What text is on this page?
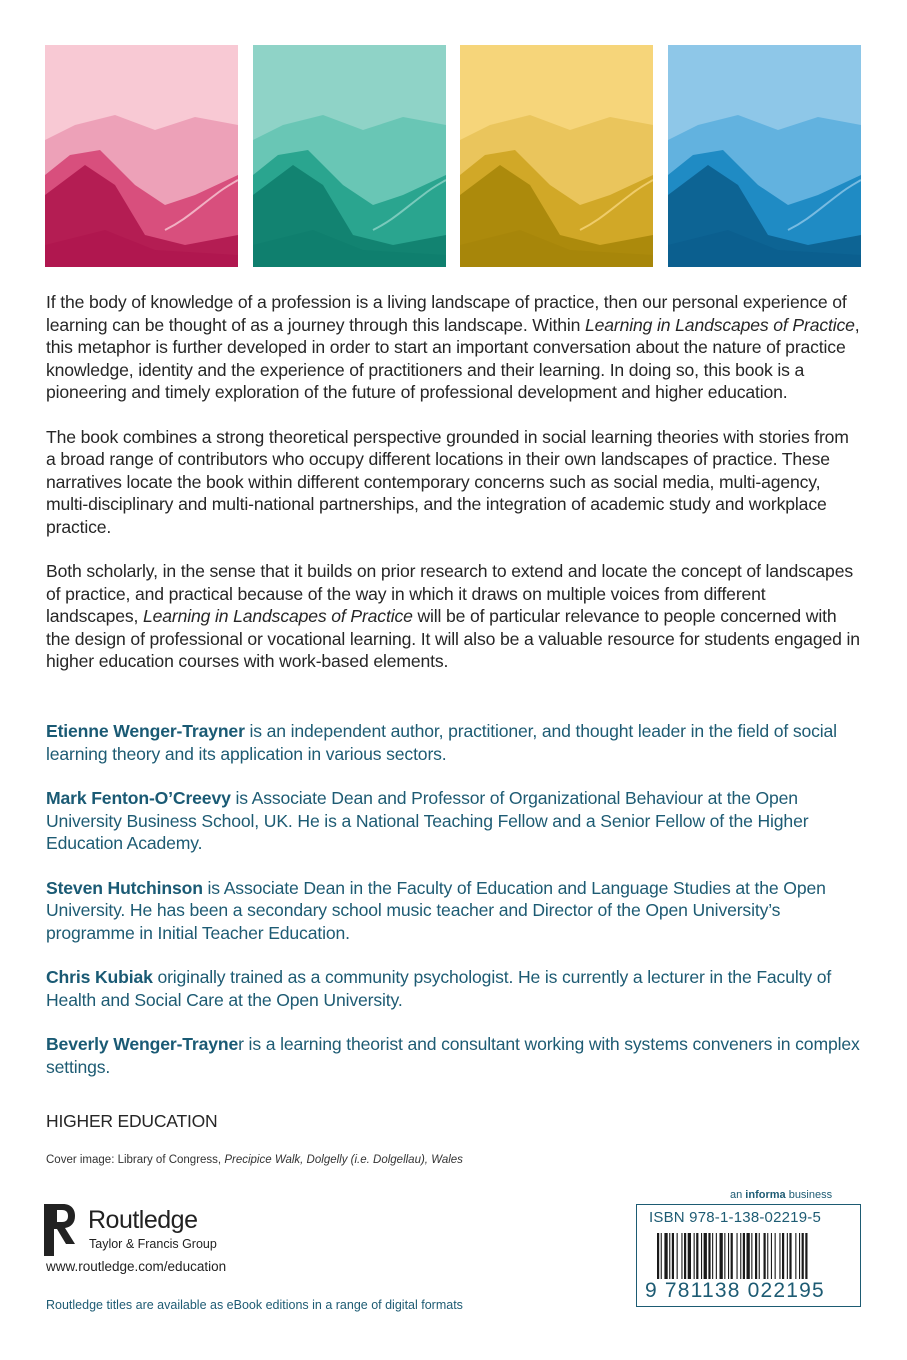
If the body of knowledge of a profession is a living landscape of practice, then our personal experience of learning can be thought of as a journey through this landscape. Within Learning in Landscapes of Practice, this metaphor is further developed in order to start an important conversation about the nature of practice knowledge, identity and the experience of practitioners and their learning. In doing so, this book is a pioneering and timely exploration of the future of professional development and higher education.

The book combines a strong theoretical perspective grounded in social learning theories with stories from a broad range of contributors who occupy different locations in their own landscapes of practice. These narratives locate the book within different contemporary concerns such as social media, multi-agency, multi-disciplinary and multi-national partnerships, and the integration of academic study and workplace practice.

Both scholarly, in the sense that it builds on prior research to extend and locate the concept of landscapes of practice, and practical because of the way in which it draws on multiple voices from different landscapes, Learning in Landscapes of Practice will be of particular relevance to people concerned with the design of professional or vocational learning. It will also be a valuable resource for students engaged in higher education courses with work-based elements.

Etienne Wenger-Trayner is an independent author, practitioner, and thought leader in the field of social learning theory and its application in various sectors.

Mark Fenton-O’Creevy is Associate Dean and Professor of Organizational Behaviour at the Open University Business School, UK. He is a National Teaching Fellow and a Senior Fellow of the Higher Education Academy.

Steven Hutchinson is Associate Dean in the Faculty of Education and Language Studies at the Open University. He has been a secondary school music teacher and Director of the Open University’s programme in Initial Teacher Education.

Chris Kubiak originally trained as a community psychologist. He is currently a lecturer in the Faculty of Health and Social Care at the Open University.

Beverly Wenger-Traynеr is a learning theorist and consultant working with systems conveners in complex settings.

HIGHER EDUCATION
Cover image: Library of Congress, Precipice Walk, Dolgelly (i.e. Dolgellau), Wales
Routledge
Taylor & Francis Group
www.routledge.com/education
Routledge titles are available as eBook editions in a range of digital formats
an informa business
ISBN 978-1-138-02219-5
9 781138 022195
